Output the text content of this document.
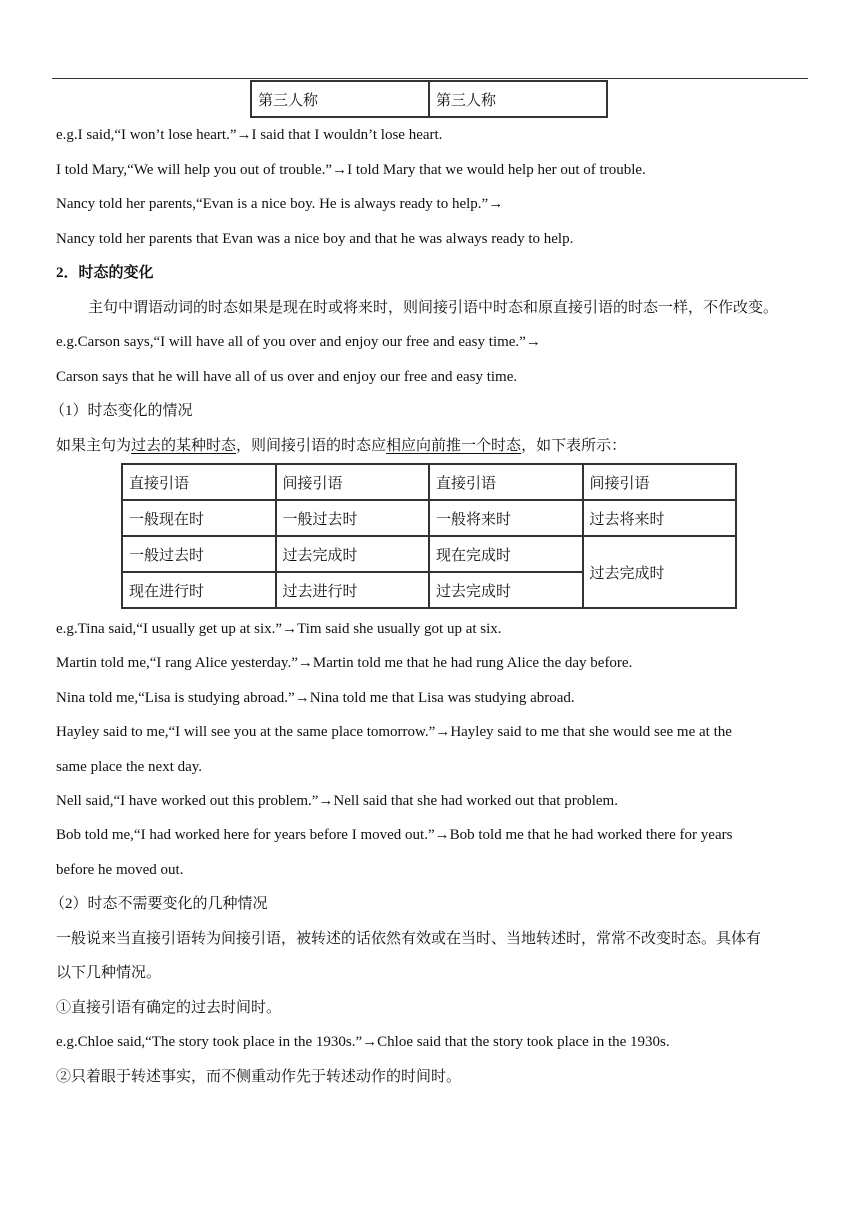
第三人称	第三人称
e.g.I said,“I won’t lose heart.”→I said that I wouldn’t lose heart.
I told Mary,“We will help you out of trouble.”→I told Mary that we would help her out of trouble.
Nancy told her parents,“Evan is a nice boy. He is always ready to help.”→
Nancy told her parents that Evan was a nice boy and that he was always ready to help.
2．时态的变化
主句中谓语动词的时态如果是现在时或将来时，则间接引语中时态和原直接引语的时态一样，不作改变。
e.g.Carson says,“I will have all of you over and enjoy our free and easy time.”→
Carson says that he will have all of us over and enjoy our free and easy time.
（1）时态变化的情况
如果主句为过去的某种时态，则间接引语的时态应相应向前推一个时态，如下表所示：
直接引语	间接引语	直接引语	间接引语
一般现在时	一般过去时	一般将来时	过去将来时
一般过去时	过去完成时	现在完成时	过去完成时
现在进行时	过去进行时	过去完成时	
e.g.Tina said,“I usually get up at six.”→Tim said she usually got up at six.
Martin told me,“I rang Alice yesterday.”→Martin told me that he had rung Alice the day before.
Nina told me,“Lisa is studying abroad.”→Nina told me that Lisa was studying abroad.
Hayley said to me,“I will see you at the same place tomorrow.”→Hayley said to me that she would see me at the
same place the next day.
Nell said,“I have worked out this problem.”→Nell said that she had worked out that problem.
Bob told me,“I had worked here for years before I moved out.”→Bob told me that he had worked there for years
before he moved out.
（2）时态不需要变化的几种情况
一般说来当直接引语转为间接引语，被转述的话依然有效或在当时、当地转述时，常常不改变时态。具体有
以下几种情况。
①直接引语有确定的过去时间时。
e.g.Chloe said,“The story took place in the 1930s.”→Chloe said that the story took place in the 1930s.
②只着眼于转述事实，而不侧重动作先于转述动作的时间时。
